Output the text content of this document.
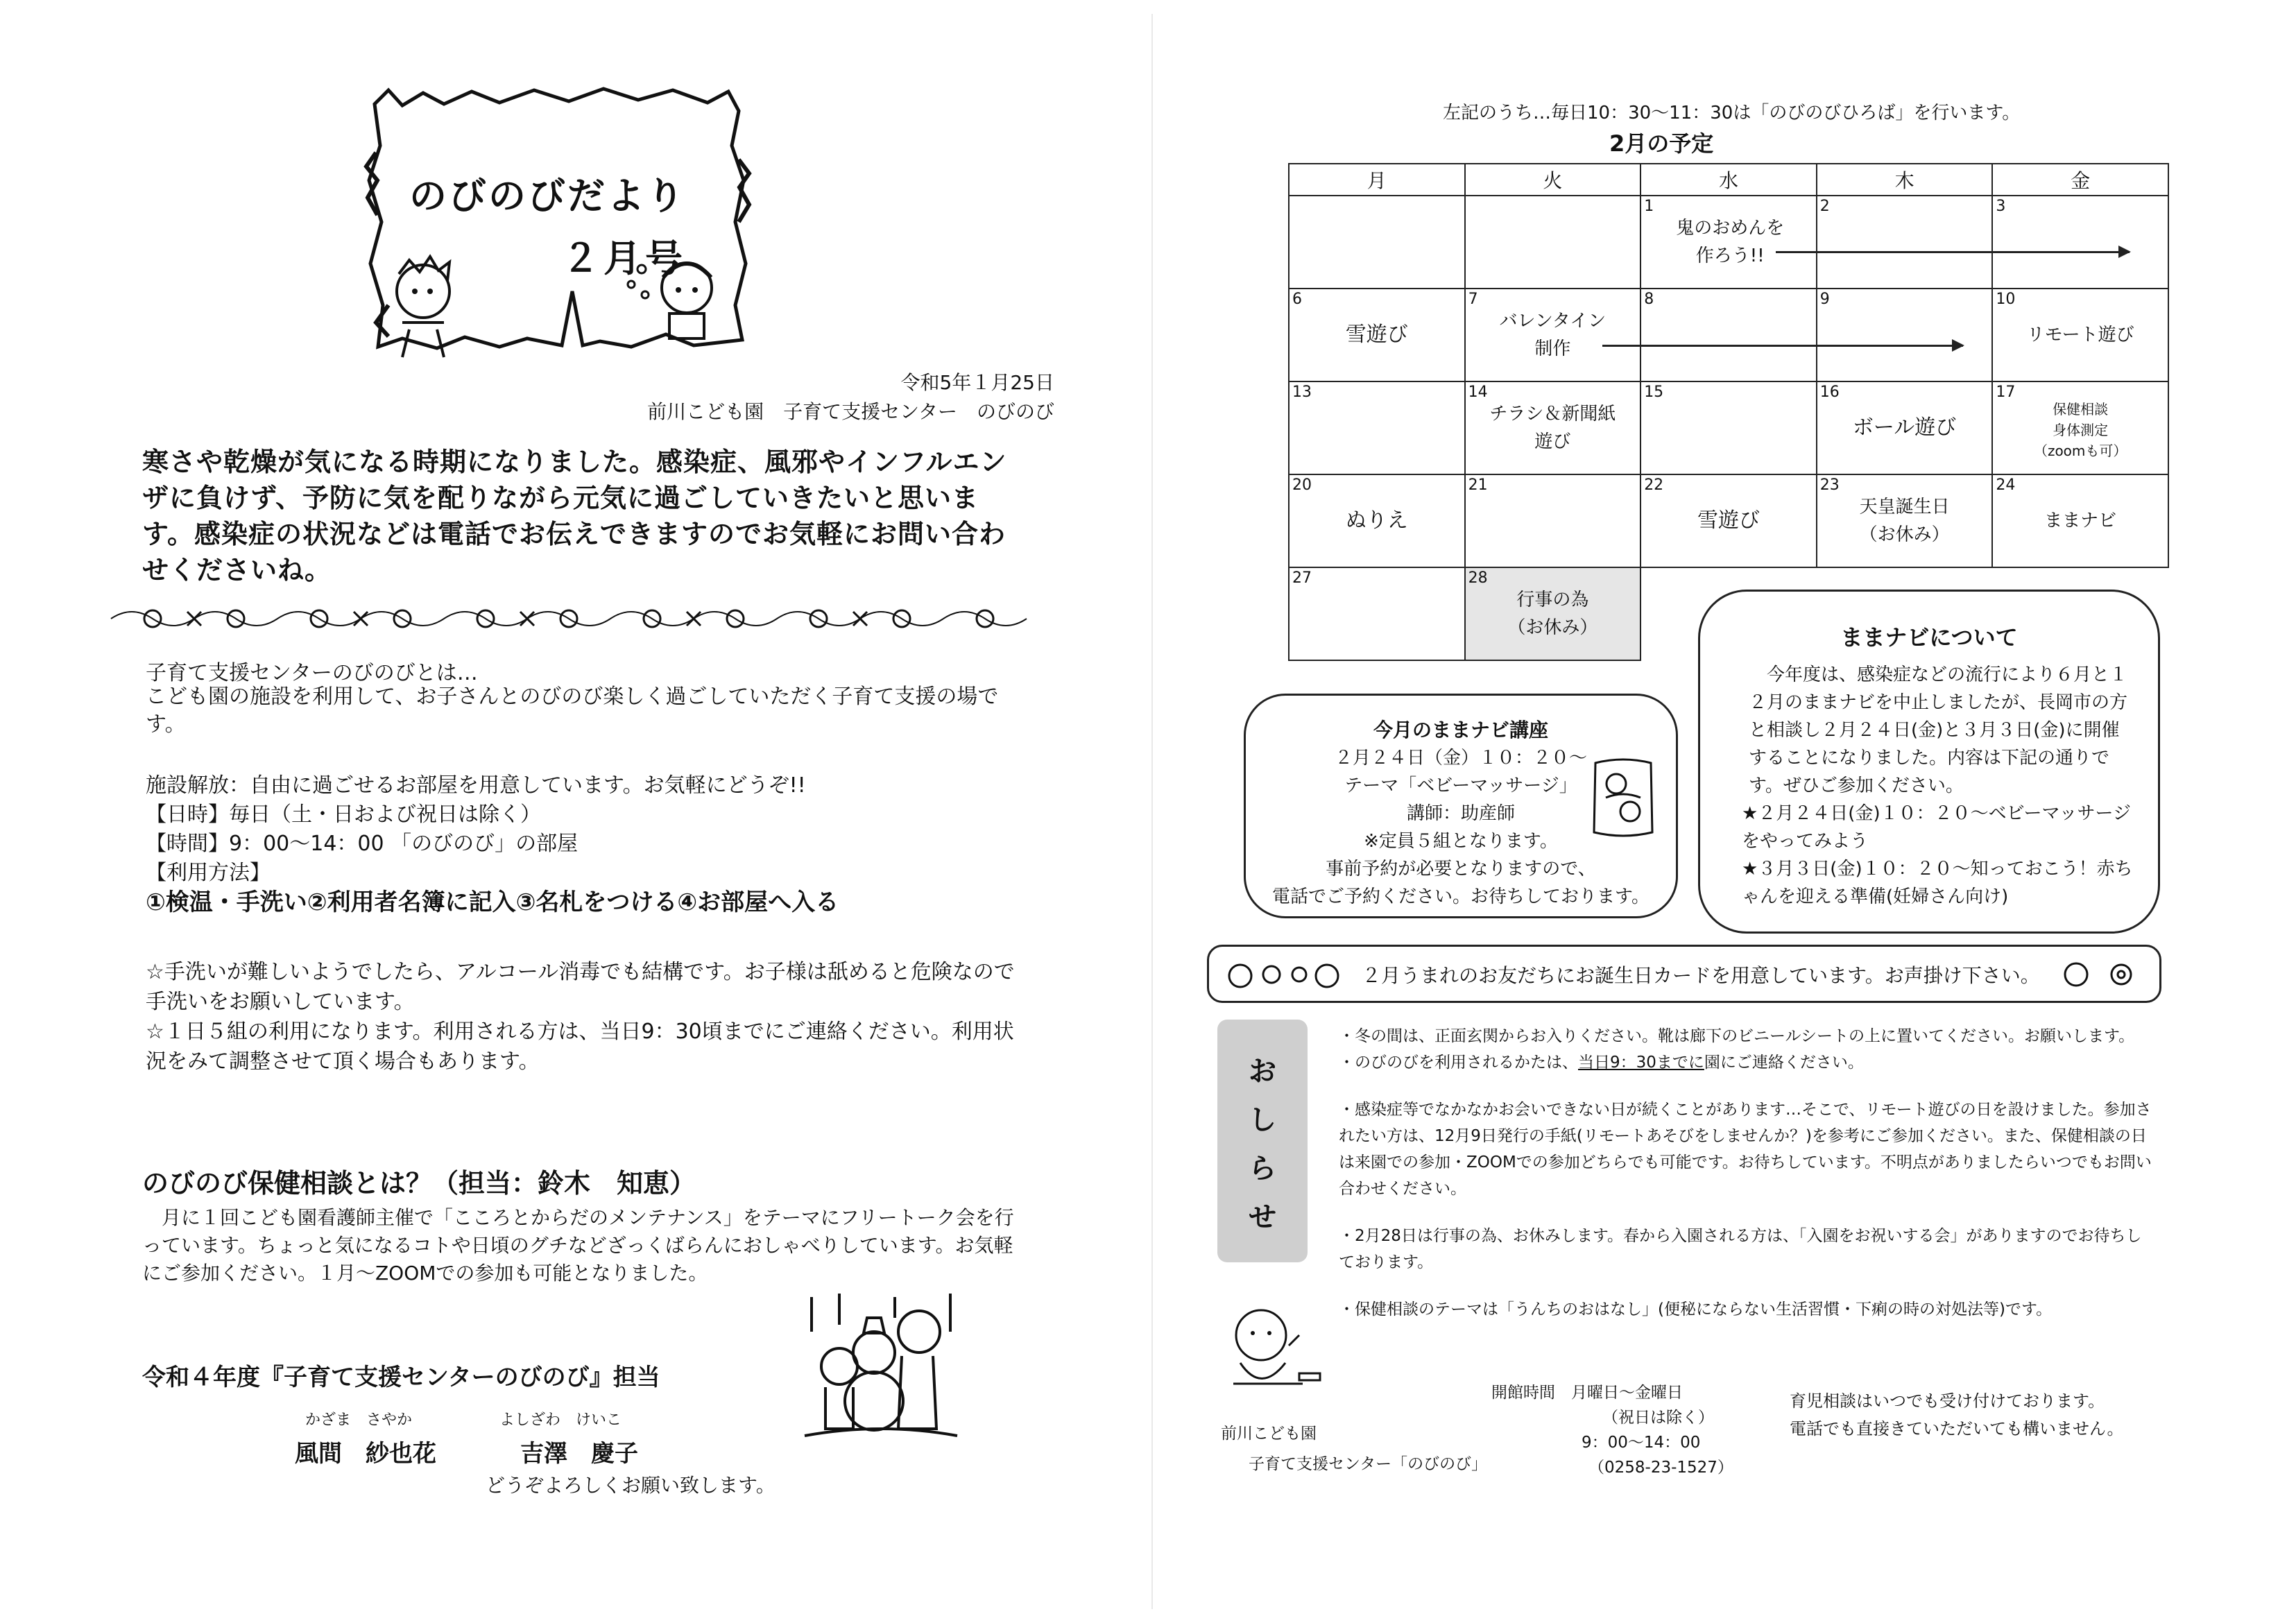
のびのびだより
２月号
令和5年１月25日
前川こども園　子育て支援センター　のびのび
寒さや乾燥が気になる時期になりました。感染症、風邪やインフルエンザに負けず、予防に気を配りながら元気に過ごしていきたいと思います。感染症の状況などは電話でお伝えできますのでお気軽にお問い合わせくださいね。
子育て支援センターのびのびとは…
こども園の施設を利用して、お子さんとのびのび楽しく過ごしていただく子育て支援の場です。
施設解放：自由に過ごせるお部屋を用意しています。お気軽にどうぞ!!
【日時】毎日（土・日および祝日は除く）
【時間】9：00～14：00 「のびのび」の部屋
【利用方法】
①検温・手洗い②利用者名簿に記入③名札をつける④お部屋へ入る
☆手洗いが難しいようでしたら、アルコール消毒でも結構です。お子様は舐めると危険なので手洗いをお願いしています。
☆１日５組の利用になります。利用される方は、当日9：30頃までにご連絡ください。利用状況をみて調整させて頂く場合もあります。
のびのび保健相談とは？（担当：鈴木　知恵）
月に１回こども園看護師主催で「こころとからだのメンテナンス」をテーマにフリートーク会を行っています。ちょっと気になるコトや日頃のグチなどざっくばらんにおしゃべりしています。お気軽にご参加ください。１月～ZOOMでの参加も可能となりました。
令和４年度『子育て支援センターのびのび』担当
かざま　さやか
風間　紗也花
よしざわ　けいこ
吉澤　慶子
どうぞよろしくお願い致します。
左記のうち…毎日10：30～11：30は「のびのびひろば」を行います。
2月の予定
月	火	水	木	金

		1
鬼のおめんを
作ろう!!	2	3

6
雪遊び	7
バレンタイン
制作	8	9	10
リモート遊び

13	14
チラシ＆新聞紙
遊び	15	16
ボール遊び	17
保健相談
身体測定
（zoomも可）

20
ぬりえ	21	22
雪遊び	23
天皇誕生日
（お休み）	24
ままナビ

27	28
行事の為
（お休み）			

今月のままナビ講座
２月２４日（金）１０：２０～
テーマ「ベビーマッサージ」
講師：助産師
※定員５組となります。
事前予約が必要となりますので、
電話でご予約ください。お待ちしております。
ままナビについて
今年度は、感染症などの流行により６月と１２月のままナビを中止しましたが、長岡市の方と相談し２月２４日(金)と３月３日(金)に開催することになりました。内容は下記の通りです。ぜひご参加ください。
★２月２４日(金)１０：２０～ベビーマッサージをやってみよう
★３月３日(金)１０：２０～知っておこう！赤ちゃんを迎える準備(妊婦さん向け)
２月うまれのお友だちにお誕生日カードを用意しています。お声掛け下さい。
お
し
ら
せ

・冬の間は、正面玄関からお入りください。靴は廊下のビニールシートの上に置いてください。お願いします。
・のびのびを利用されるかたは、当日9：30までに園にご連絡ください。

・感染症等でなかなかお会いできない日が続くことがあります…そこで、リモート遊びの日を設けました。参加されたい方は、12月9日発行の手紙(リモートあそびをしませんか？)を参考にご参加ください。また、保健相談の日は来園での参加・ZOOMでの参加どちらでも可能です。お待ちしています。不明点がありましたらいつでもお問い合わせください。

・2月28日は行事の為、お休みします。春から入園される方は、「入園をお祝いする会」がありますのでお待ちしております。

・保健相談のテーマは「うんちのおはなし」(便秘にならない生活習慣・下痢の時の対処法等)です。

開館時間　 月曜日～金曜日
（祝日は除く）
9：00～14：00
（0258-23-1527）
前川こども園
子育て支援センター「のびのび」
育児相談はいつでも受け付けております。
電話でも直接きていただいても構いません。
